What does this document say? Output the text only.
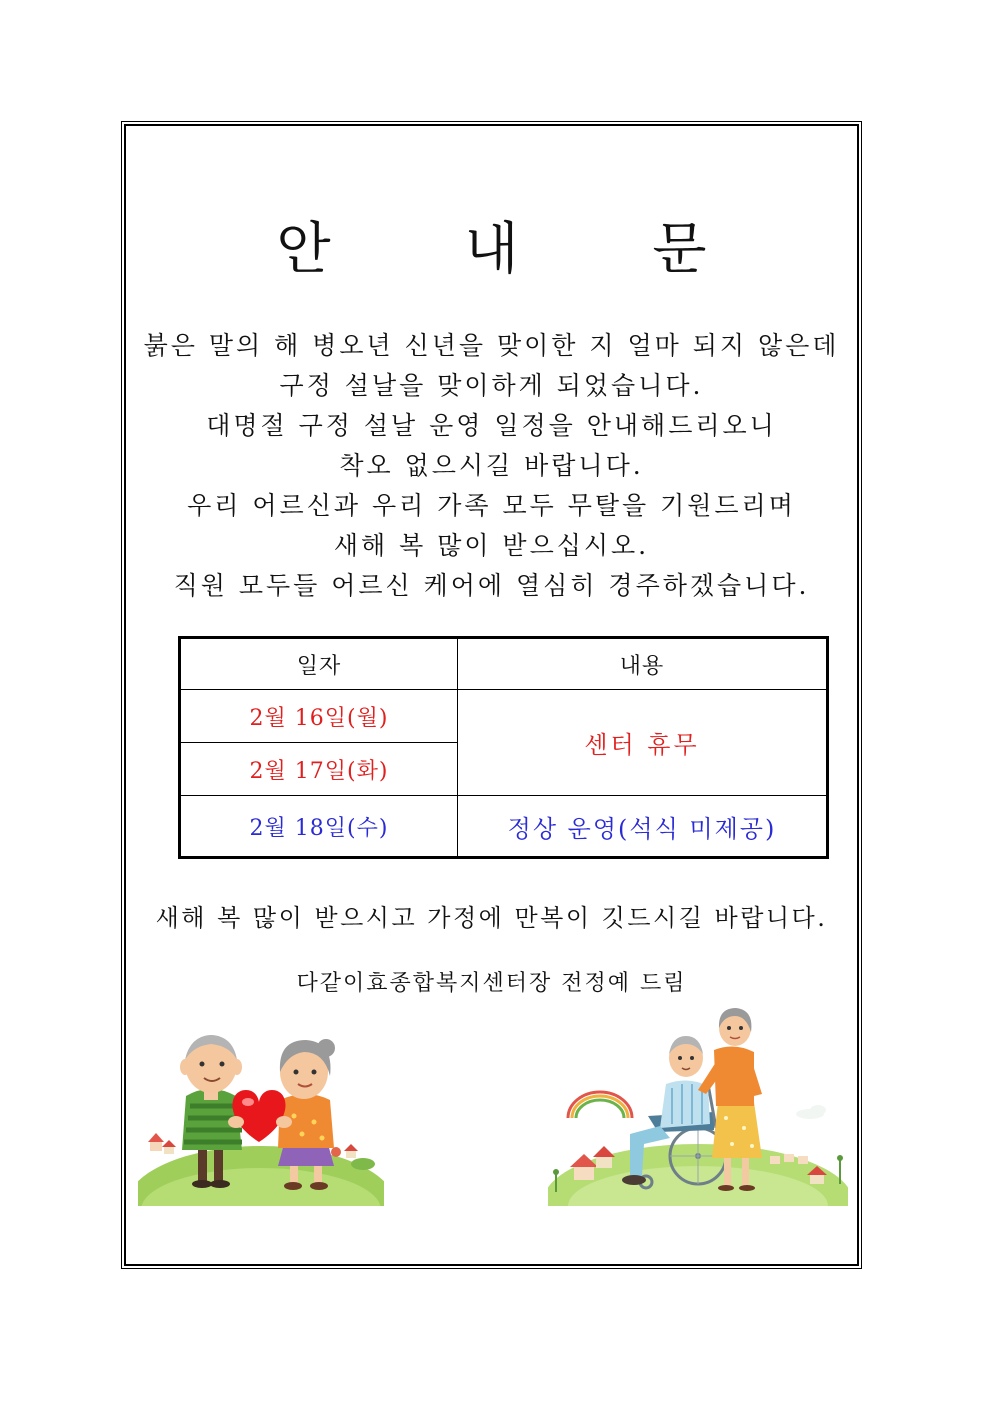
안 내 문
붉은 말의 해 병오년 신년을 맞이한 지 얼마 되지 않은데
구정 설날을 맞이하게 되었습니다.
대명절 구정 설날 운영 일정을 안내해드리오니
착오 없으시길 바랍니다.
우리 어르신과 우리 가족 모두 무탈을 기원드리며
새해 복 많이 받으십시오.
직원 모두들 어르신 케어에 열심히 경주하겠습니다.
일자	내용
2월 16일(월)	센터 휴무
2월 17일(화)	
2월 18일(수)	정상 운영(석식 미제공)
새해 복 많이 받으시고 가정에 만복이 깃드시길 바랍니다.
다같이효종합복지센터장 전정예 드림
